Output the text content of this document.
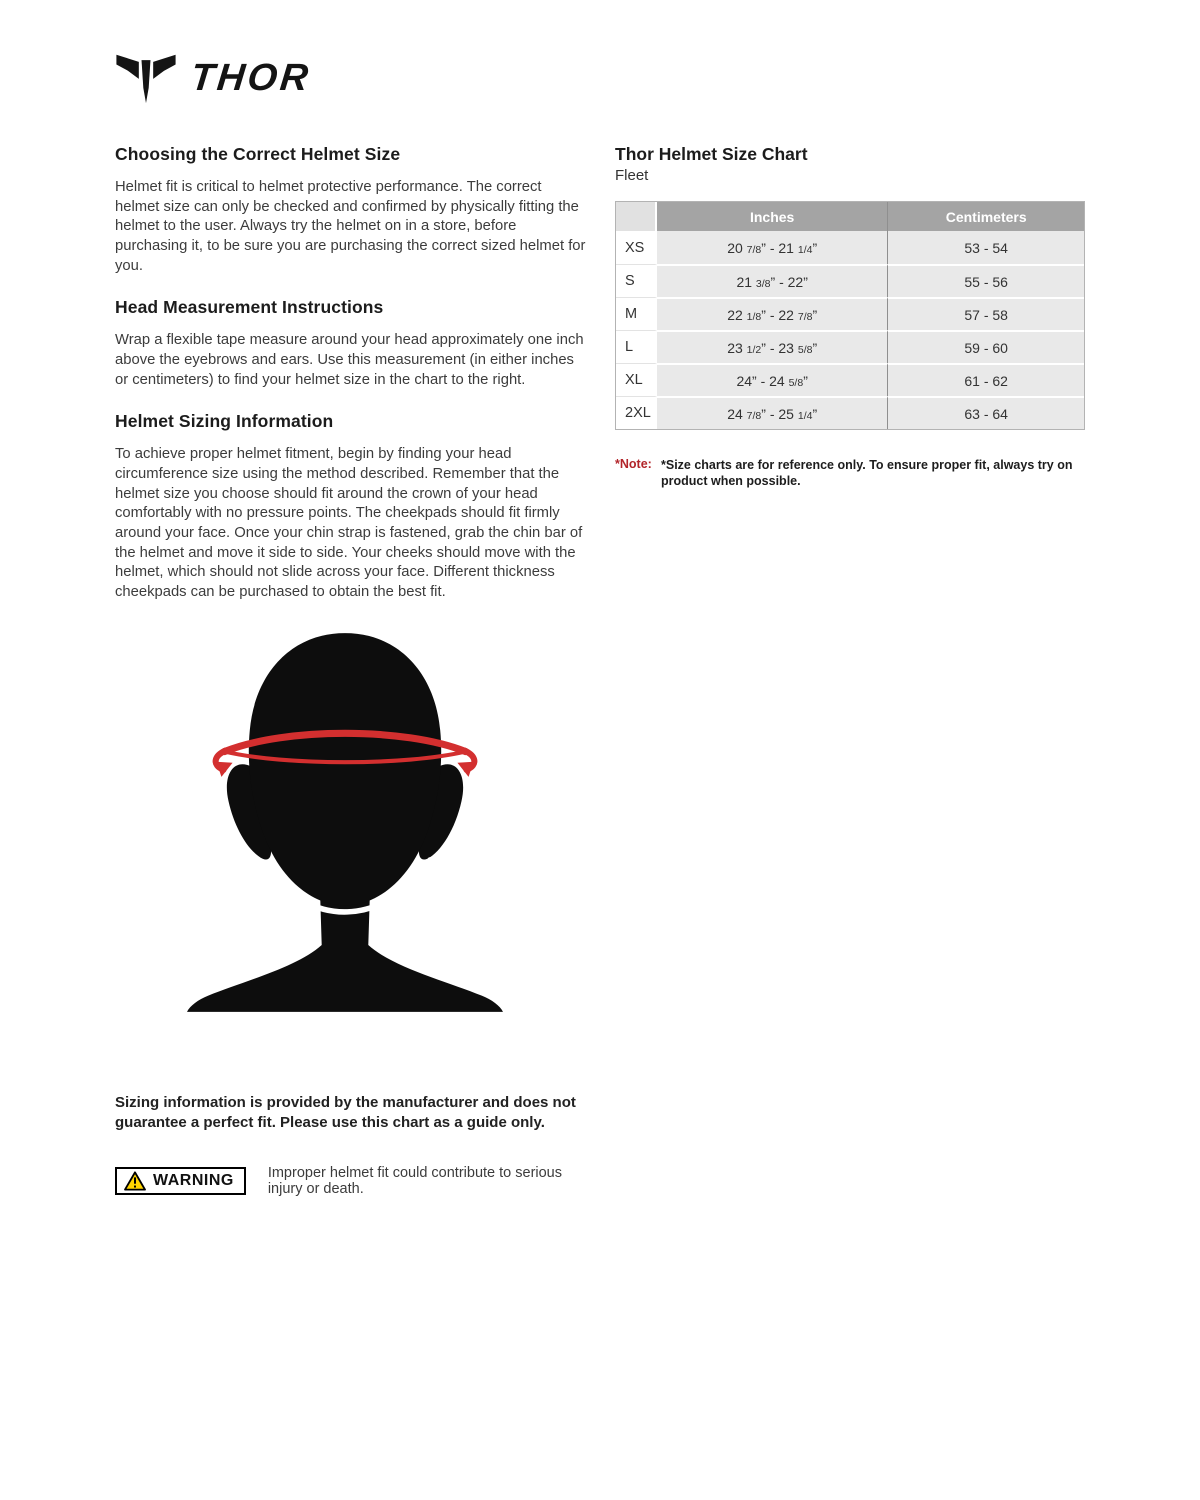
THOR
Choosing the Correct Helmet Size

Helmet fit is critical to helmet protective performance. The correct helmet size can only be checked and confirmed by physically fitting the helmet to the user. Always try the helmet on in a store, before purchasing it, to be sure you are purchasing the correct sized helmet for you.

Head Measurement Instructions

Wrap a flexible tape measure around your head approximately one inch above the eyebrows and ears. Use this measurement (in either inches or centimeters) to find your helmet size in the chart to the right.

Helmet Sizing Information

To achieve proper helmet fitment, begin by finding your head circumference size using the method described. Remember that the helmet size you choose should fit around the crown of your head comfortably with no pressure points. The cheekpads should fit firmly around your face. Once your chin strap is fastened, grab the chin bar of the helmet and move it side to side. Your cheeks should move with the helmet, which should not slide across your face. Different thickness cheekpads can be purchased to obtain the best fit.

Sizing information is provided by the manufacturer and does not guarantee a perfect fit. Please use this chart as a guide only.

WARNING Improper helmet fit could contribute to serious injury or death.
Thor Helmet Size Chart
Fleet
	Inches	Centimeters
XS	20 7/8” - 21 1/4”	53 - 54
S	21 3/8” - 22”	55 - 56
M	22 1/8” - 22 7/8”	57 - 58
L	23 1/2” - 23 5/8”	59 - 60
XL	24” - 24 5/8”	61 - 62
2XL	24 7/8” - 25 1/4”	63 - 64
*Note: *Size charts are for reference only. To ensure proper fit, always try on product when possible.
